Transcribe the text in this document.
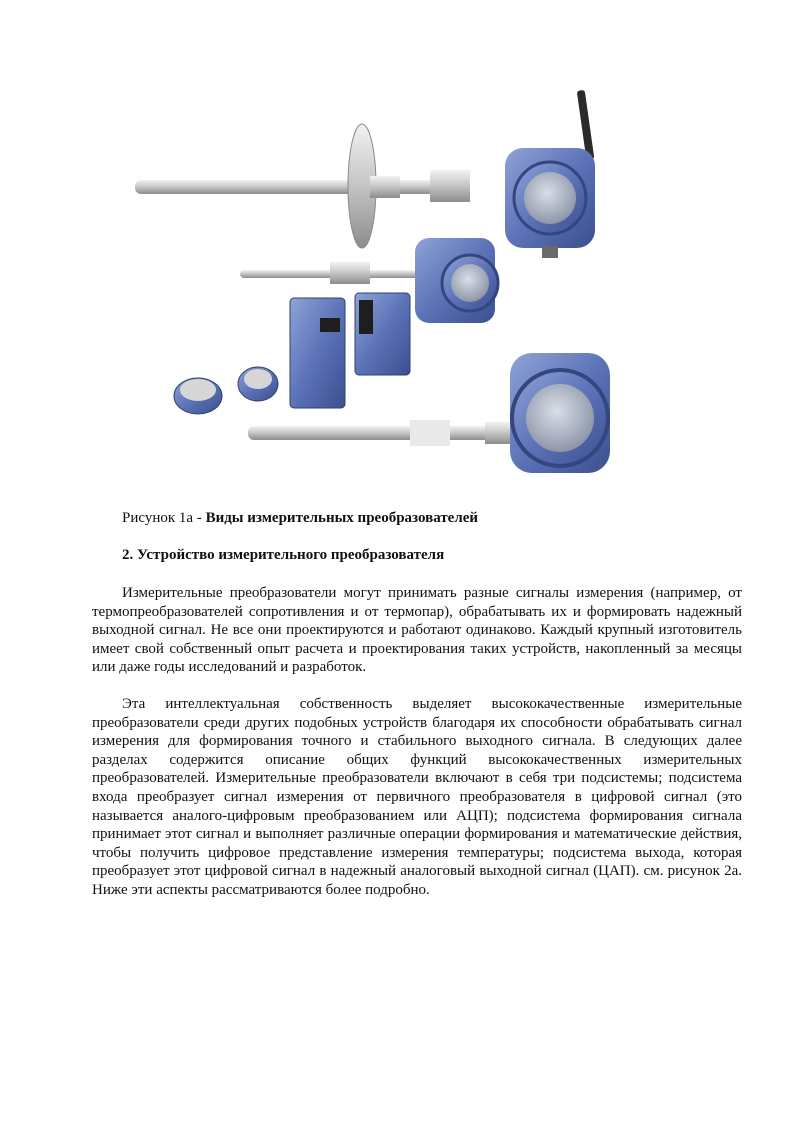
Рисунок 1а - Виды измерительных преобразователей
2. Устройство измерительного преобразователя

Измерительные преобразователи могут принимать разные сигналы измерения (например, от термопреобразователей сопротивления и от термопар), обрабатывать их и формировать надежный выходной сигнал. Не все они проектируются и работают одинаково. Каждый крупный изготовитель имеет свой собственный опыт расчета и проектирования таких устройств, накопленный за месяцы или даже годы исследований и разработок.

Эта интеллектуальная собственность выделяет высококачественные измерительные преобразователи среди других подобных устройств благодаря их способности обрабатывать сигнал измерения для формирования точного и стабильного выходного сигнала. В следующих далее разделах содержится описание общих функций высококачественных измерительных преобразователей. Измерительные преобразователи включают в себя три подсистемы; подсистема входа преобразует сигнал измерения от первичного преобразователя в цифровой сигнал (это называется аналого-цифровым преобразованием или АЦП); подсистема формирования сигнала принимает этот сигнал и выполняет различные операции формирования и математические действия, чтобы получить цифровое представление измерения температуры; подсистема выхода, которая преобразует этот цифровой сигнал в надежный аналоговый выходной сигнал (ЦАП). см. рисунок 2а. Ниже эти аспекты рассматриваются более подробно.
